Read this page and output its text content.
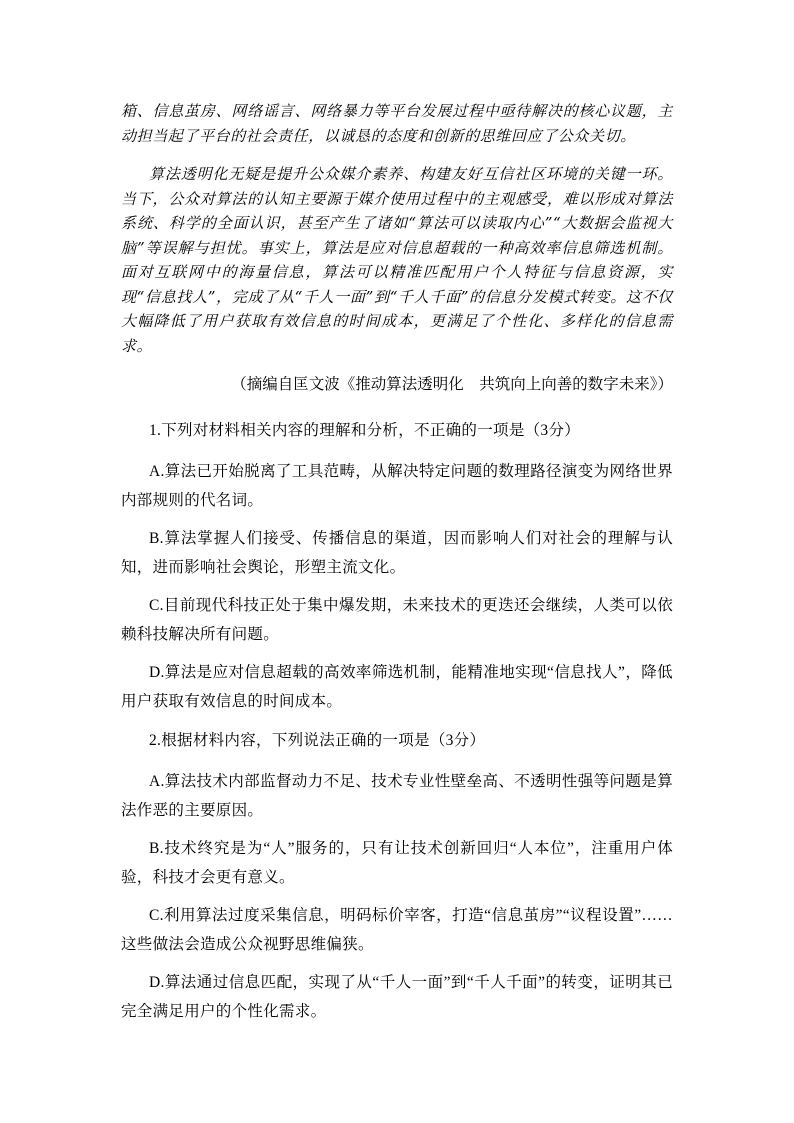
箱、信息茧房、网络谣言、网络暴力等平台发展过程中亟待解决的核心议题，主动担当起了平台的社会责任，以诚恳的态度和创新的思维回应了公众关切。

算法透明化无疑是提升公众媒介素养、构建友好互信社区环境的关键一环。当下，公众对算法的认知主要源于媒介使用过程中的主观感受，难以形成对算法系统、科学的全面认识，甚至产生了诸如“算法可以读取内心”“大数据会监视大脑”等误解与担忧。事实上，算法是应对信息超载的一种高效率信息筛选机制。面对互联网中的海量信息，算法可以精准匹配用户个人特征与信息资源，实现“信息找人”，完成了从“千人一面”到“千人千面”的信息分发模式转变。这不仅大幅降低了用户获取有效信息的时间成本，更满足了个性化、多样化的信息需求。

（摘编自匡文波《推动算法透明化　共筑向上向善的数字未来》）

1.下列对材料相关内容的理解和分析，不正确的一项是（3分）

A.算法已开始脱离了工具范畴，从解决特定问题的数理路径演变为网络世界内部规则的代名词。

B.算法掌握人们接受、传播信息的渠道，因而影响人们对社会的理解与认知，进而影响社会舆论，形塑主流文化。

C.目前现代科技正处于集中爆发期，未来技术的更迭还会继续，人类可以依赖科技解决所有问题。

D.算法是应对信息超载的高效率筛选机制，能精准地实现“信息找人”，降低用户获取有效信息的时间成本。

2.根据材料内容，下列说法正确的一项是（3分）

A.算法技术内部监督动力不足、技术专业性壁垒高、不透明性强等问题是算法作恶的主要原因。

B.技术终究是为“人”服务的，只有让技术创新回归“人本位”，注重用户体验，科技才会更有意义。

C.利用算法过度采集信息，明码标价宰客，打造“信息茧房”“议程设置”……这些做法会造成公众视野思维偏狭。

D.算法通过信息匹配，实现了从“千人一面”到“千人千面”的转变，证明其已完全满足用户的个性化需求。
